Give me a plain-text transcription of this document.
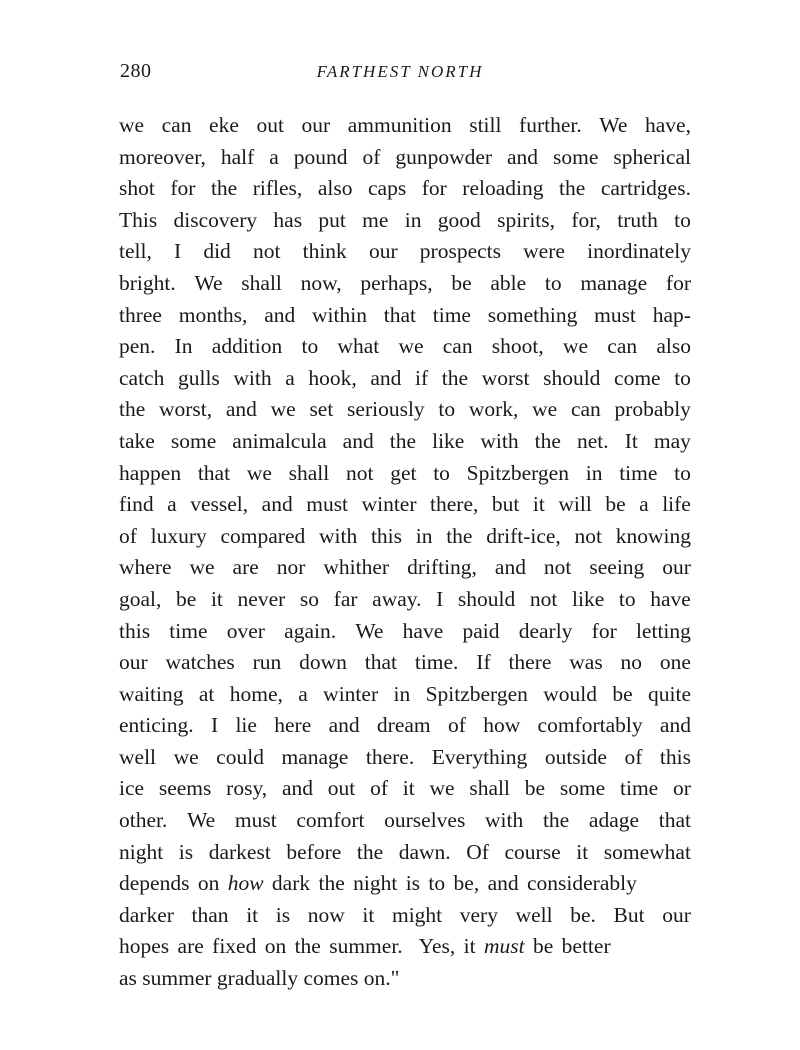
280	FARTHEST NORTH
we can eke out our ammunition still further. We have,
moreover, half a pound of gunpowder and some spherical
shot for the rifles, also caps for reloading the cartridges.
This discovery has put me in good spirits, for, truth to
tell, I did not think our prospects were inordinately
bright. We shall now, perhaps, be able to manage for
three months, and within that time something must hap-
pen. In addition to what we can shoot, we can also
catch gulls with a hook, and if the worst should come to
the worst, and we set seriously to work, we can probably
take some animalcula and the like with the net. It may
happen that we shall not get to Spitzbergen in time to
find a vessel, and must winter there, but it will be a life
of luxury compared with this in the drift-ice, not knowing
where we are nor whither drifting, and not seeing our
goal, be it never so far away. I should not like to have
this time over again. We have paid dearly for letting
our watches run down that time. If there was no one
waiting at home, a winter in Spitzbergen would be quite
enticing. I lie here and dream of how comfortably and
well we could manage there. Everything outside of this
ice seems rosy, and out of it we shall be some time or
other. We must comfort ourselves with the adage that
night is darkest before the dawn. Of course it somewhat
depends on how dark the night is to be, and considerably
darker than it is now it might very well be. But our
hopes are fixed on the summer.  Yes, it must be better
as summer gradually comes on."
